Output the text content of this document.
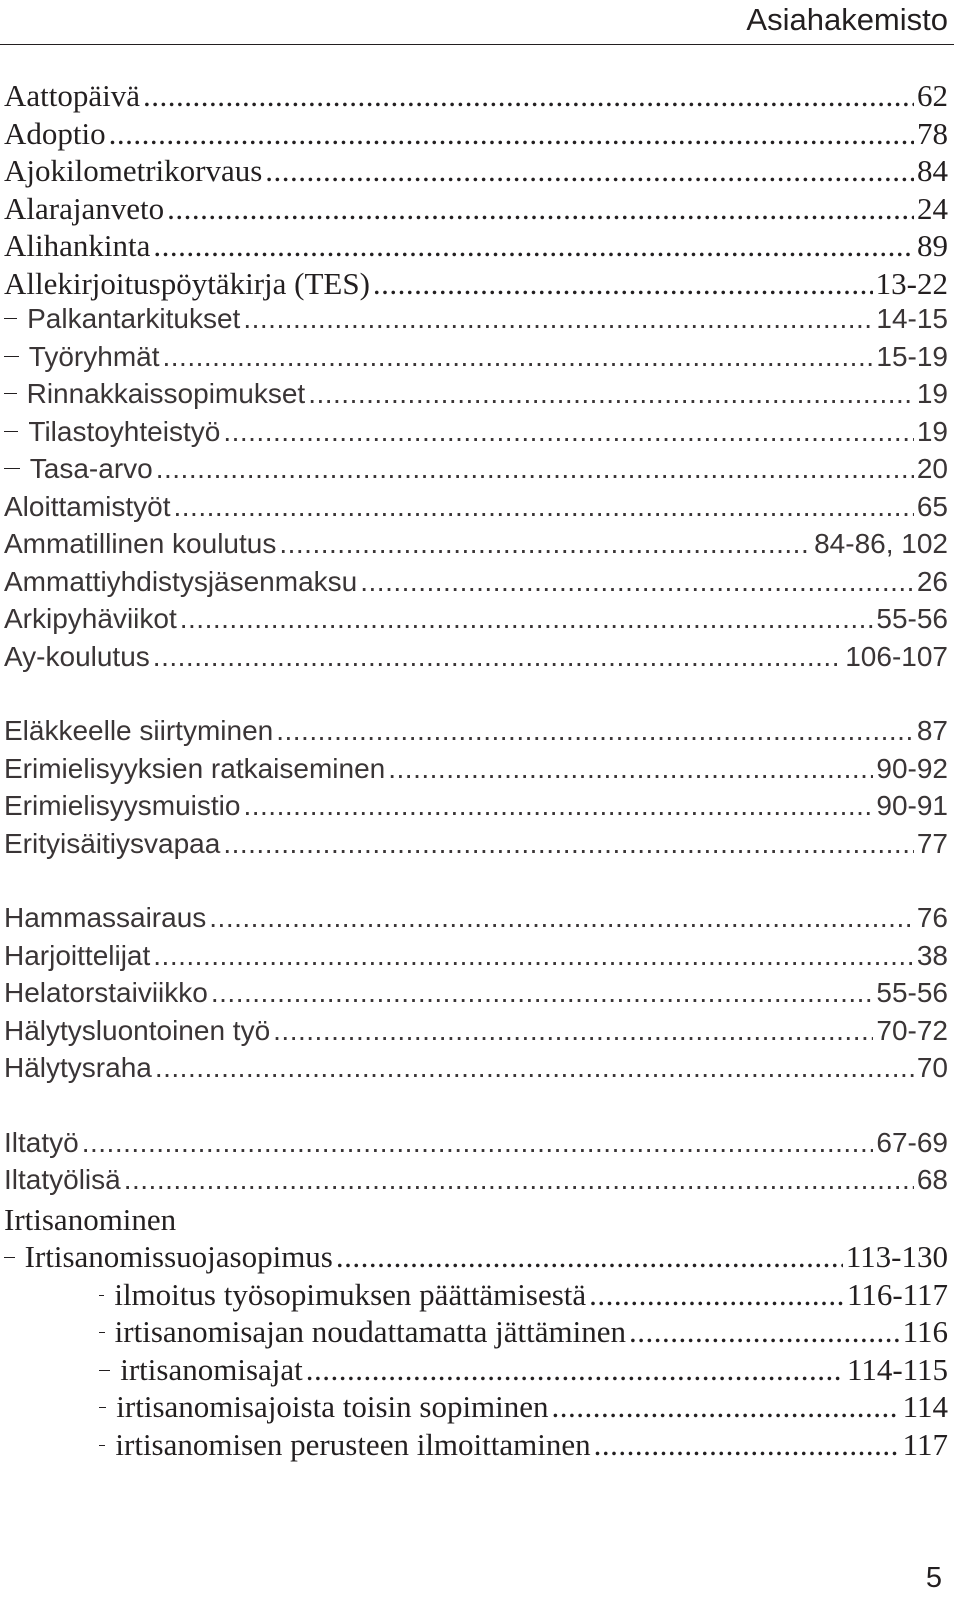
Asiahakemisto
Aattopäivä .....	62
Adoptio .....	78
Ajokilometrikorvaus .....	84
Alarajanveto .....	24
Alihankinta .....	89
Allekirjoituspöytäkirja (TES) .....	13-22
Palkantarkitukset .....	14-15
Työryhmät .....	15-19
Rinnakkaissopimukset .....	19
Tilastoyhteistyö .....	19
Tasa-arvo .....	20
Aloittamistyöt .....	65
Ammatillinen koulutus .....	84-86, 102
Ammattiyhdistysjäsenmaksu .....	26
Arkipyhäviikot .....	55-56
Ay-koulutus .....	106-107
Eläkkeelle siirtyminen .....	87
Erimielisyyksien ratkaiseminen .....	90-92
Erimielisyysmuistio .....	90-91
Erityisäitiysvapaa .....	77
Hammassairaus .....	76
Harjoittelijat .....	38
Helatorstaiviikko .....	55-56
Hälytysluontoinen työ .....	70-72
Hälytysraha .....	70
Iltatyö .....	67-69
Iltatyölisä .....	68
Irtisanominen
Irtisanomissuojasopimus .....	113-130
ilmoitus työsopimuksen päättämisestä .....	116-117
irtisanomisajan noudattamatta jättäminen .....	116
irtisanomisajat .....	114-115
irtisanomisajoista toisin sopiminen .....	114
irtisanomisen perusteen ilmoittaminen .....	117
5
